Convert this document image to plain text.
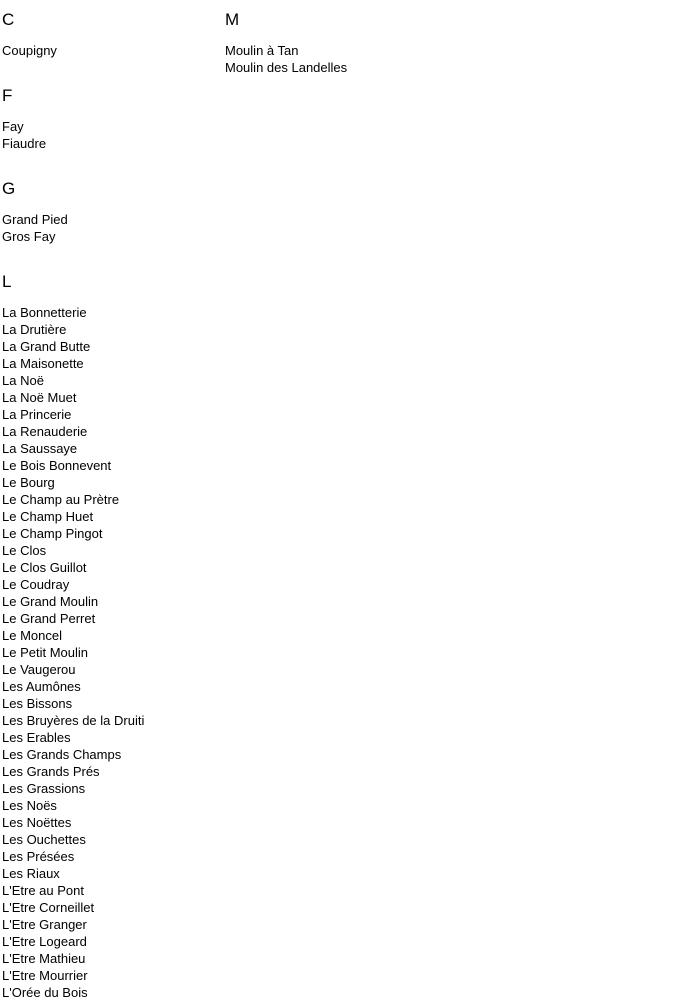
C
Coupigny
F
Fay
Fiaudre
G
Grand Pied
Gros Fay
L
La Bonnetterie
La Drutière
La Grand Butte
La Maisonette
La Noë
La Noë Muet
La Princerie
La Renauderie
La Saussaye
Le Bois Bonnevent
Le Bourg
Le Champ au Prètre
Le Champ Huet
Le Champ Pingot
Le Clos
Le Clos Guillot
Le Coudray
Le Grand Moulin
Le Grand Perret
Le Moncel
Le Petit Moulin
Le Vaugerou
Les Aumônes
Les Bissons
Les Bruyères de la Druiti
Les Erables
Les Grands Champs
Les Grands Prés
Les Grassions
Les Noës
Les Noëttes
Les Ouchettes
Les Présées
Les Riaux
L'Etre au Pont
L'Etre Corneillet
L'Etre Granger
L'Etre Logeard
L'Etre Mathieu
L'Etre Mourrier
L'Orée du Bois
M
Moulin à Tan
Moulin des Landelles
